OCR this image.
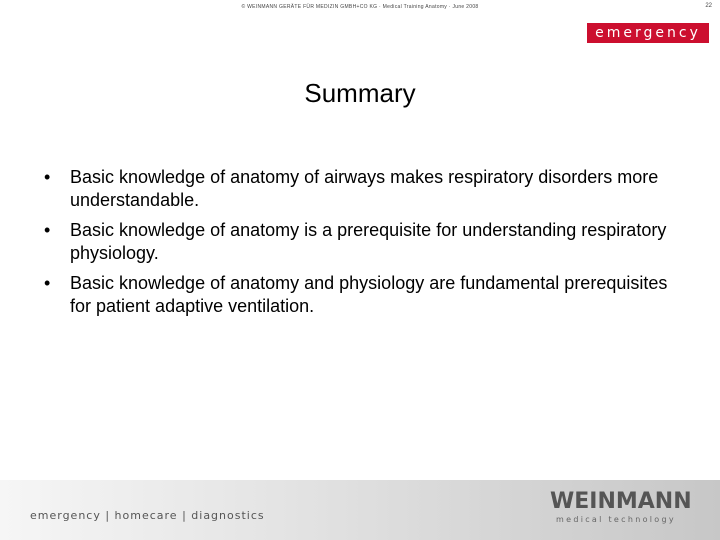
© WEINMANN GERÄTE FÜR MEDIZIN GMBH+CO KG · Medical Training Anatomy · June 2008	22
emergency
Summary
• Basic knowledge of anatomy of airways makes respiratory disorders more understandable.
• Basic knowledge of anatomy is a prerequisite for understanding respiratory physiology.
• Basic knowledge of anatomy and physiology are fundamental prerequisites for patient adaptive ventilation.
emergency | homecare | diagnostics
WEINMANN
medical technology
